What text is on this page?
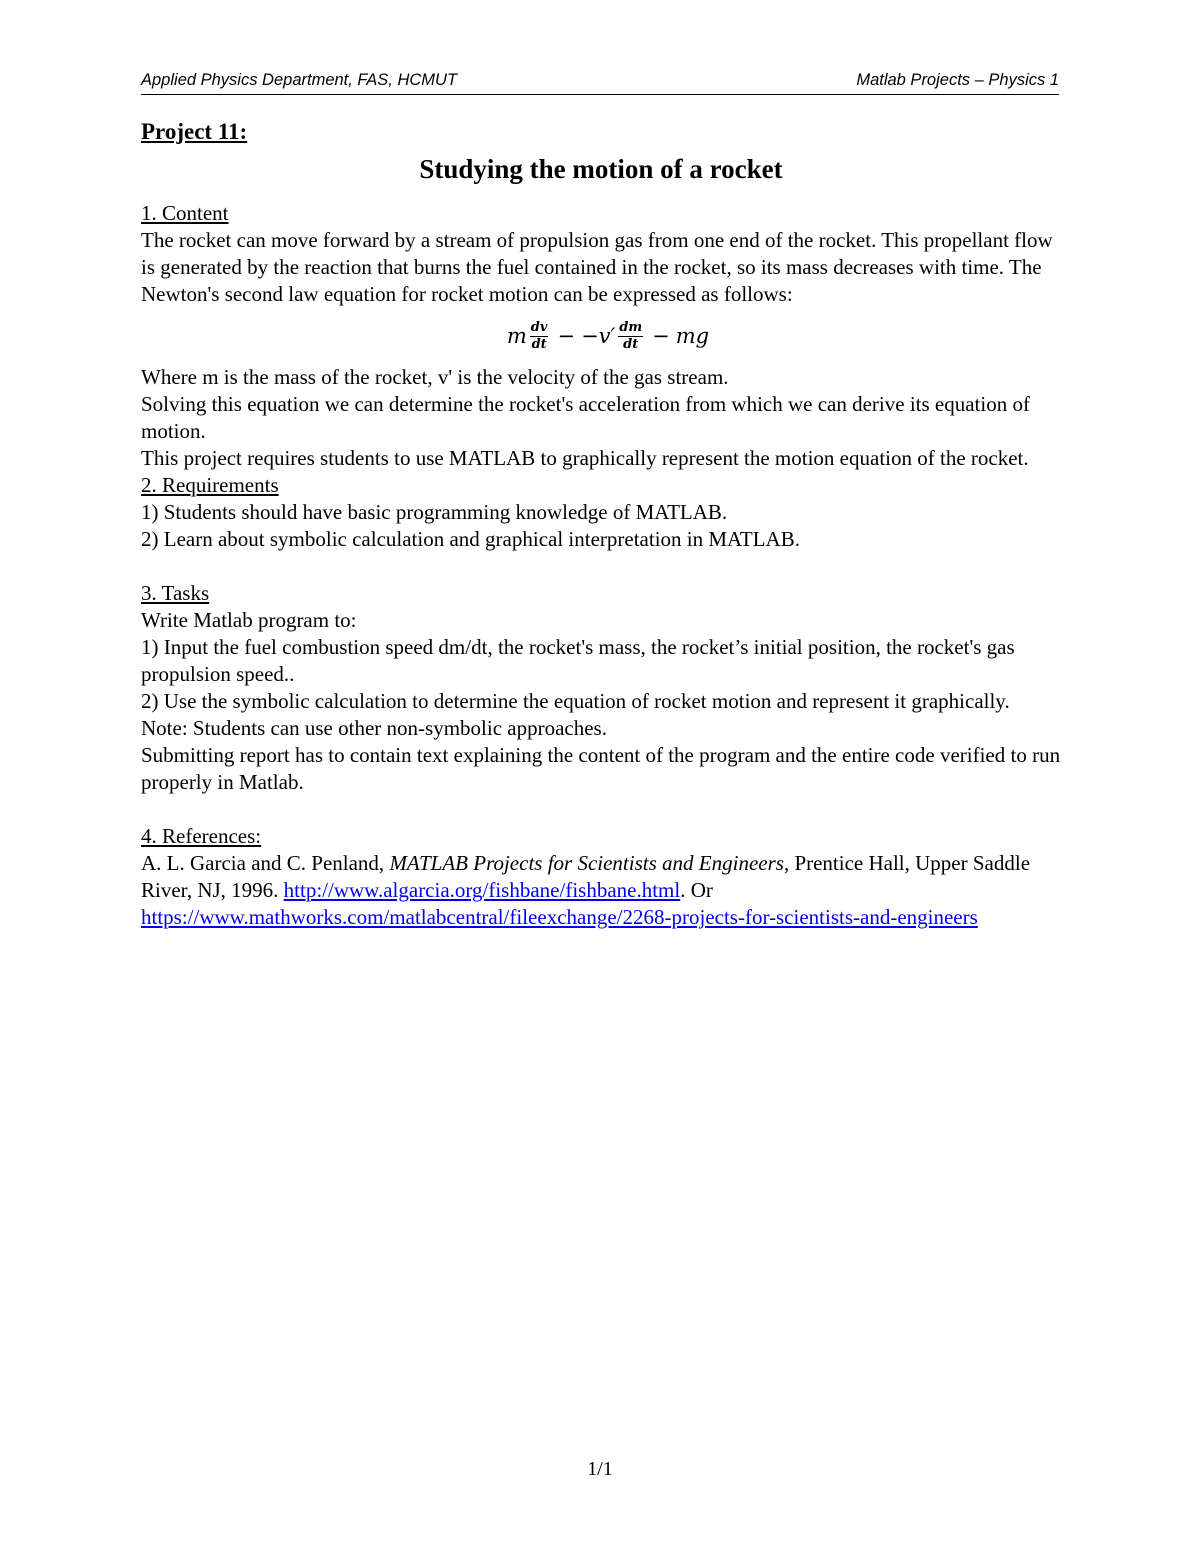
Applied Physics Department, FAS, HCMUT	Matlab Projects – Physics 1

Project 11:

Studying the motion of a rocket

1. Content

The rocket can move forward by a stream of propulsion gas from one end of the rocket. This propellant flow is generated by the reaction that burns the fuel contained in the rocket, so its mass decreases with time. The Newton's second law equation for rocket motion can be expressed as follows:

m $\frac{dv}{dt} - -v' \frac{dm}{dt}$ − mg

Where m is the mass of the rocket, v' is the velocity of the gas stream.

Solving this equation we can determine the rocket's acceleration from which we can derive its equation of motion.

This project requires students to use MATLAB to graphically represent the motion equation of the rocket.

2. Requirements

1) Students should have basic programming knowledge of MATLAB.

2) Learn about symbolic calculation and graphical interpretation in MATLAB.

3. Tasks

Write Matlab program to:

1) Input the fuel combustion speed dm/dt, the rocket's mass, the rocket’s initial position, the rocket's gas propulsion speed..

2) Use the symbolic calculation to determine the equation of rocket motion and represent it graphically.

Note: Students can use other non-symbolic approaches.

Submitting report has to contain text explaining the content of the program and the entire code verified to run properly in Matlab.

4. References:

A. L. Garcia and C. Penland, MATLAB Projects for Scientists and Engineers, Prentice Hall, Upper Saddle River, NJ, 1996. http://www.algarcia.org/fishbane/fishbane.html. Or
https://www.mathworks.com/matlabcentral/fileexchange/2268-projects-for-scientists-and-engineers

1/1
